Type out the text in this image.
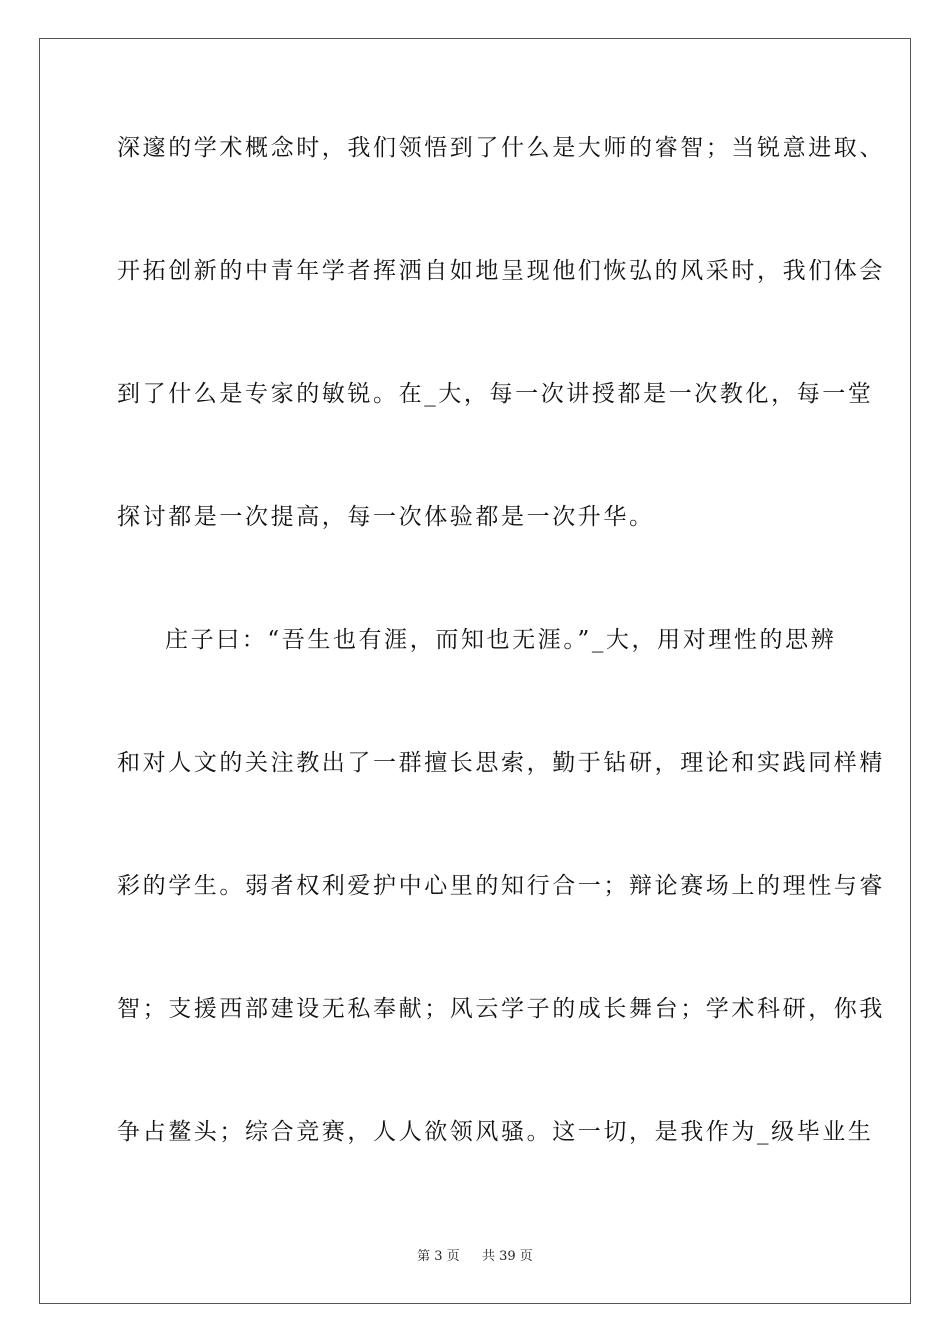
深邃的学术概念时，我们领悟到了什么是大师的睿智；当锐意进取、
开拓创新的中青年学者挥洒自如地呈现他们恢弘的风采时，我们体会
到了什么是专家的敏锐。在_大，每一次讲授都是一次教化，每一堂
探讨都是一次提高，每一次体验都是一次升华。
庄子曰：“吾生也有涯，而知也无涯。”_大，用对理性的思辨
和对人文的关注教出了一群擅长思索，勤于钻研，理论和实践同样精
彩的学生。弱者权利爱护中心里的知行合一；辩论赛场上的理性与睿
智；支援西部建设无私奉献；风云学子的成长舞台；学术科研，你我
争占鳌头；综合竞赛，人人欲领风骚。这一切，是我作为_级毕业生
第 3 页 共 39 页
